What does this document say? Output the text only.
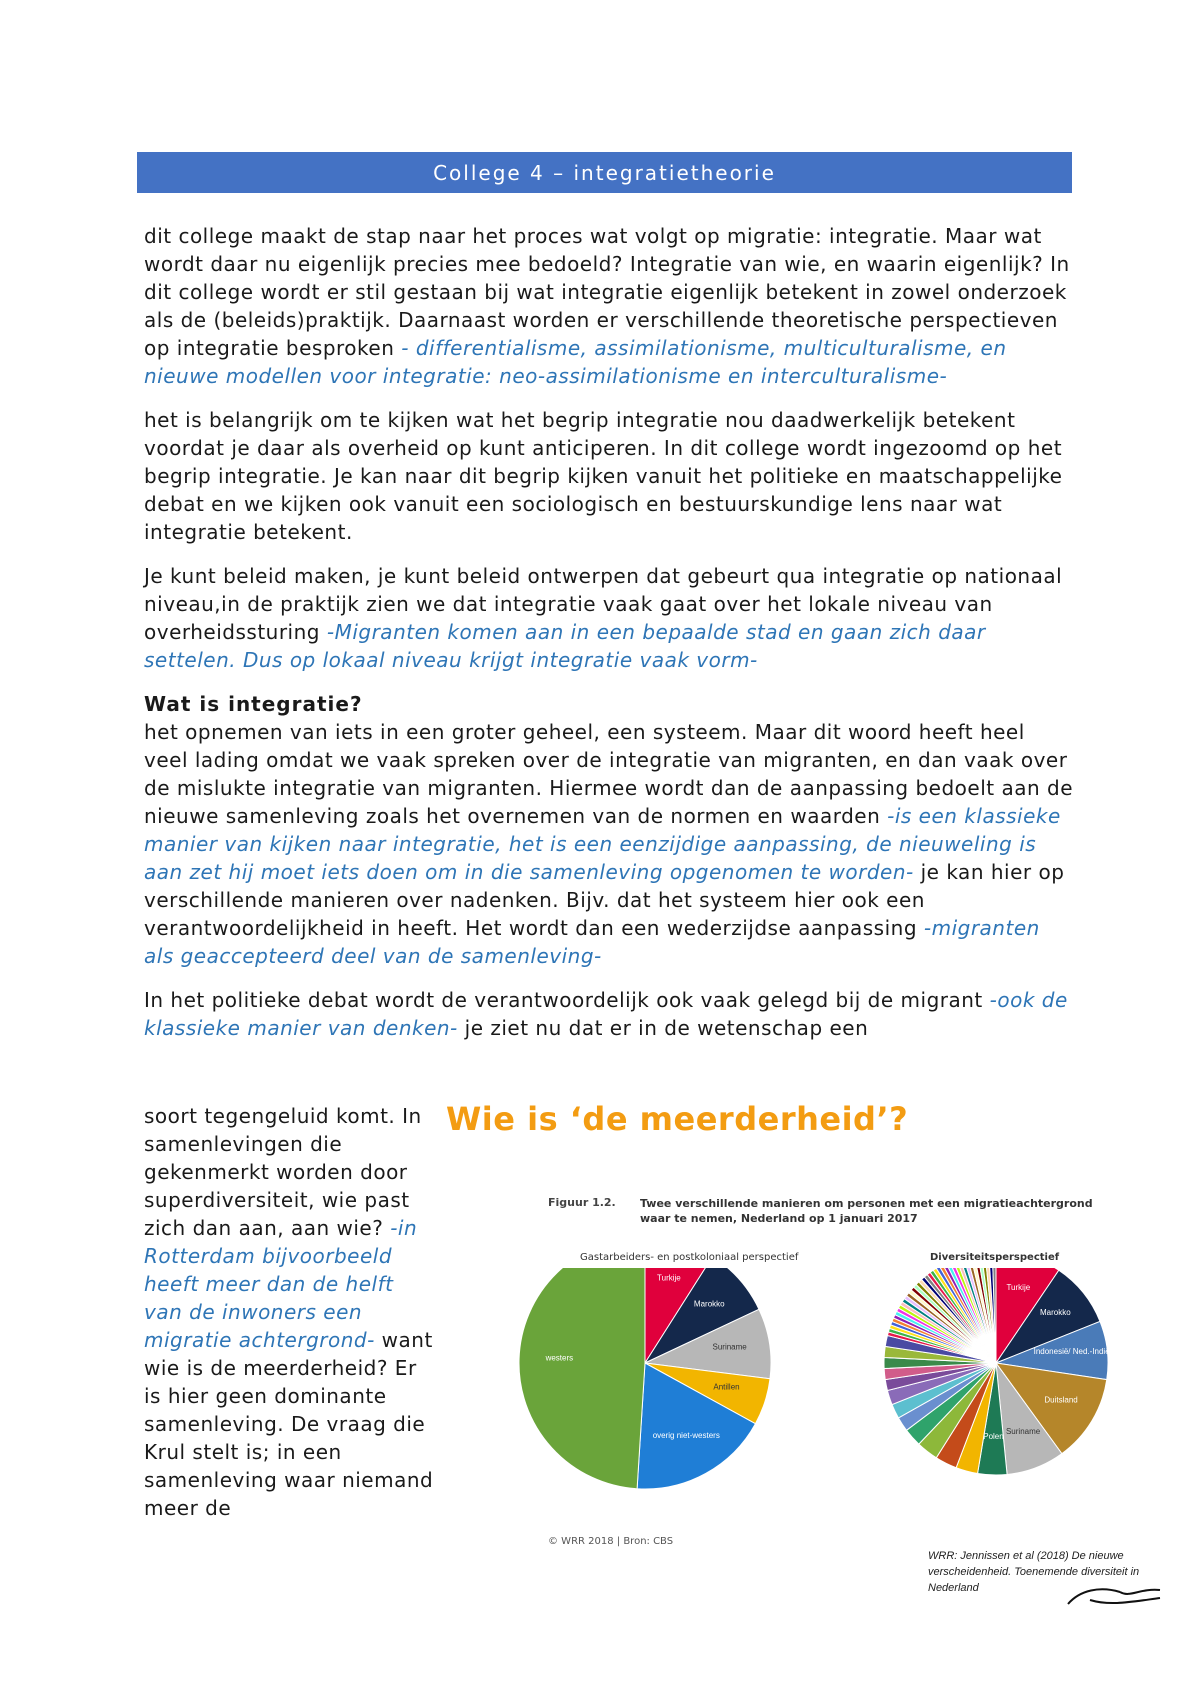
College 4 – integratietheorie

dit college maakt de stap naar het proces wat volgt op migratie: integratie. Maar wat wordt daar nu eigenlijk precies mee bedoeld? Integratie van wie, en waarin eigenlijk? In dit college wordt er stil gestaan bij wat integratie eigenlijk betekent in zowel onderzoek als de (beleids)praktijk. Daarnaast worden er verschillende theoretische perspectieven op integratie besproken - differentialisme, assimilationisme, multiculturalisme, en nieuwe modellen voor integratie: neo-assimilationisme en interculturalisme-

het is belangrijk om te kijken wat het begrip integratie nou daadwerkelijk betekent voordat je daar als overheid op kunt anticiperen. In dit college wordt ingezoomd op het begrip integratie. Je kan naar dit begrip kijken vanuit het politieke en maatschappelijke debat en we kijken ook vanuit een sociologisch en bestuurskundige lens naar wat integratie betekent.

Je kunt beleid maken, je kunt beleid ontwerpen dat gebeurt qua integratie op nationaal niveau,in de praktijk zien we dat integratie vaak gaat over het lokale niveau van overheidssturing -Migranten komen aan in een bepaalde stad en gaan zich daar settelen. Dus op lokaal niveau krijgt integratie vaak vorm-

Wat is integratie?
het opnemen van iets in een groter geheel, een systeem. Maar dit woord heeft heel veel lading omdat we vaak spreken over de integratie van migranten, en dan vaak over de mislukte integratie van migranten. Hiermee wordt dan de aanpassing bedoelt aan de nieuwe samenleving zoals het overnemen van de normen en waarden -is een klassieke manier van kijken naar integratie, het is een eenzijdige aanpassing, de nieuweling is aan zet hij moet iets doen om in die samenleving opgenomen te worden- je kan hier op verschillende manieren over nadenken. Bijv. dat het systeem hier ook een verantwoordelijkheid in heeft. Het wordt dan een wederzijdse aanpassing -migranten als geaccepteerd deel van de samenleving-

In het politieke debat wordt de verantwoordelijk ook vaak gelegd bij de migrant -ook de klassieke manier van denken- je ziet nu dat er in de wetenschap een

soort tegengeluid komt. In samenlevingen die gekenmerkt worden door superdiversiteit, wie past zich dan aan, aan wie? -in Rotterdam bijvoorbeeld heeft meer dan de helft van de inwoners een migratie achtergrond- want wie is de meerderheid? Er is hier geen dominante samenleving. De vraag die Krul stelt is; in een samenleving waar niemand meer de
Wie is ‘de meerderheid’?
Figuur 1.2. Twee verschillende manieren om personen met een migratieachtergrond waar te nemen, Nederland op 1 januari 2017
Gastarbeiders- en postkoloniaal perspectief	Diversiteitsperspectief
Turkije
Marokko
Suriname
Antillen
overig niet-westers
westers
Turkije
Marokko
Indonesië/ Ned.-Indië
Duitsland
Suriname
Polen
© WRR 2018 | Bron: CBS
WRR: Jennissen et al (2018) De nieuwe verscheidenheid. Toenemende diversiteit in Nederland
